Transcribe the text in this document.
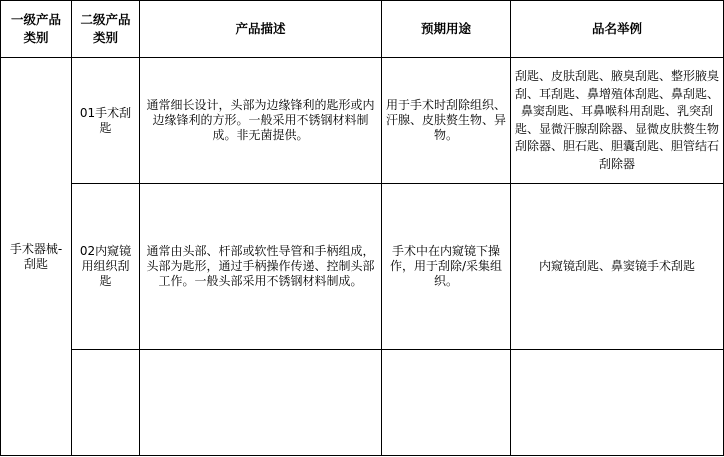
一级产品类别	二级产品类别	产品描述	预期用途	品名举例
手术器械-刮匙	01手术刮匙	通常细长设计，头部为边缘锋利的匙形或内边缘锋利的方形。一般采用不锈钢材料制成。非无菌提供。	用于手术时刮除组织、汗腺、皮肤赘生物、异物。	刮匙、皮肤刮匙、腋臭刮匙、整形腋臭刮、耳刮匙、鼻增殖体刮匙、鼻刮匙、鼻窦刮匙、耳鼻喉科用刮匙、乳突刮匙、显微汗腺刮除器、显微皮肤赘生物刮除器、胆石匙、胆囊刮匙、胆管结石刮除器
	02内窥镜用组织刮匙	通常由头部、杆部或软性导管和手柄组成，头部为匙形，通过手柄操作传递、控制头部工作。一般头部采用不锈钢材料制成。	手术中在内窥镜下操作，用于刮除/采集组织。	内窥镜刮匙、鼻窦镜手术刮匙
